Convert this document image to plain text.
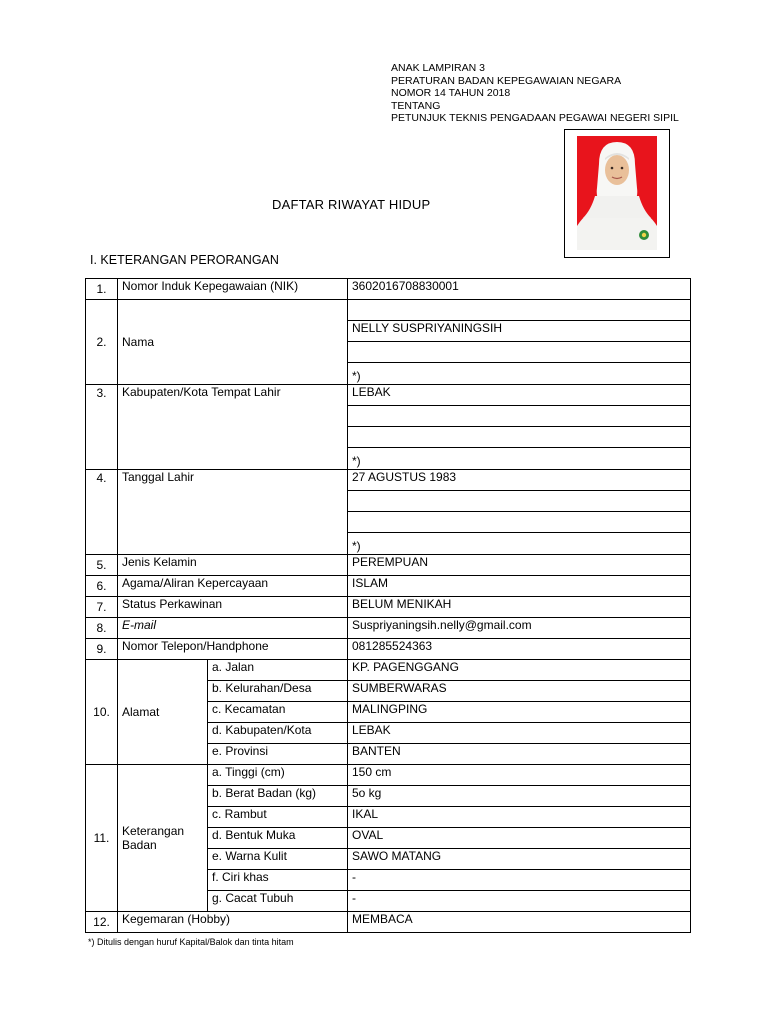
ANAK LAMPIRAN 3
PERATURAN BADAN KEPEGAWAIAN NEGARA
NOMOR 14 TAHUN 2018
TENTANG
PETUNJUK TEKNIS PENGADAAN PEGAWAI NEGERI SIPIL
DAFTAR RIWAYAT HIDUP
I. KETERANGAN PERORANGAN
1.	Nomor Induk Kepegawaian (NIK)		3602016708830001
2.	Nama		
			NELLY SUSPRIYANINGSIH

			*)
3.	Kabupaten/Kota Tempat Lahir		LEBAK

			*)
4.	Tanggal Lahir		27 AGUSTUS 1983

			*)
5.	Jenis Kelamin		PEREMPUAN
6.	Agama/Aliran Kepercayaan		ISLAM
7.	Status Perkawinan		BELUM MENIKAH
8.	E-mail		Suspriyaningsih.nelly@gmail.com
9.	Nomor Telepon/Handphone		081285524363
10.	Alamat	a. Jalan	KP. PAGENGGANG
		b. Kelurahan/Desa	SUMBERWARAS
		c. Kecamatan	MALINGPING
		d. Kabupaten/Kota	LEBAK
		e. Provinsi	BANTEN
11.	Keterangan Badan	a. Tinggi (cm)	150 cm
		b. Berat Badan (kg)	5o kg
		c. Rambut	IKAL
		d. Bentuk Muka	OVAL
		e. Warna Kulit	SAWO MATANG
		f. Ciri khas	-
		g. Cacat Tubuh	-
12.	Kegemaran (Hobby)		MEMBACA
*) Ditulis dengan huruf Kapital/Balok dan tinta hitam
